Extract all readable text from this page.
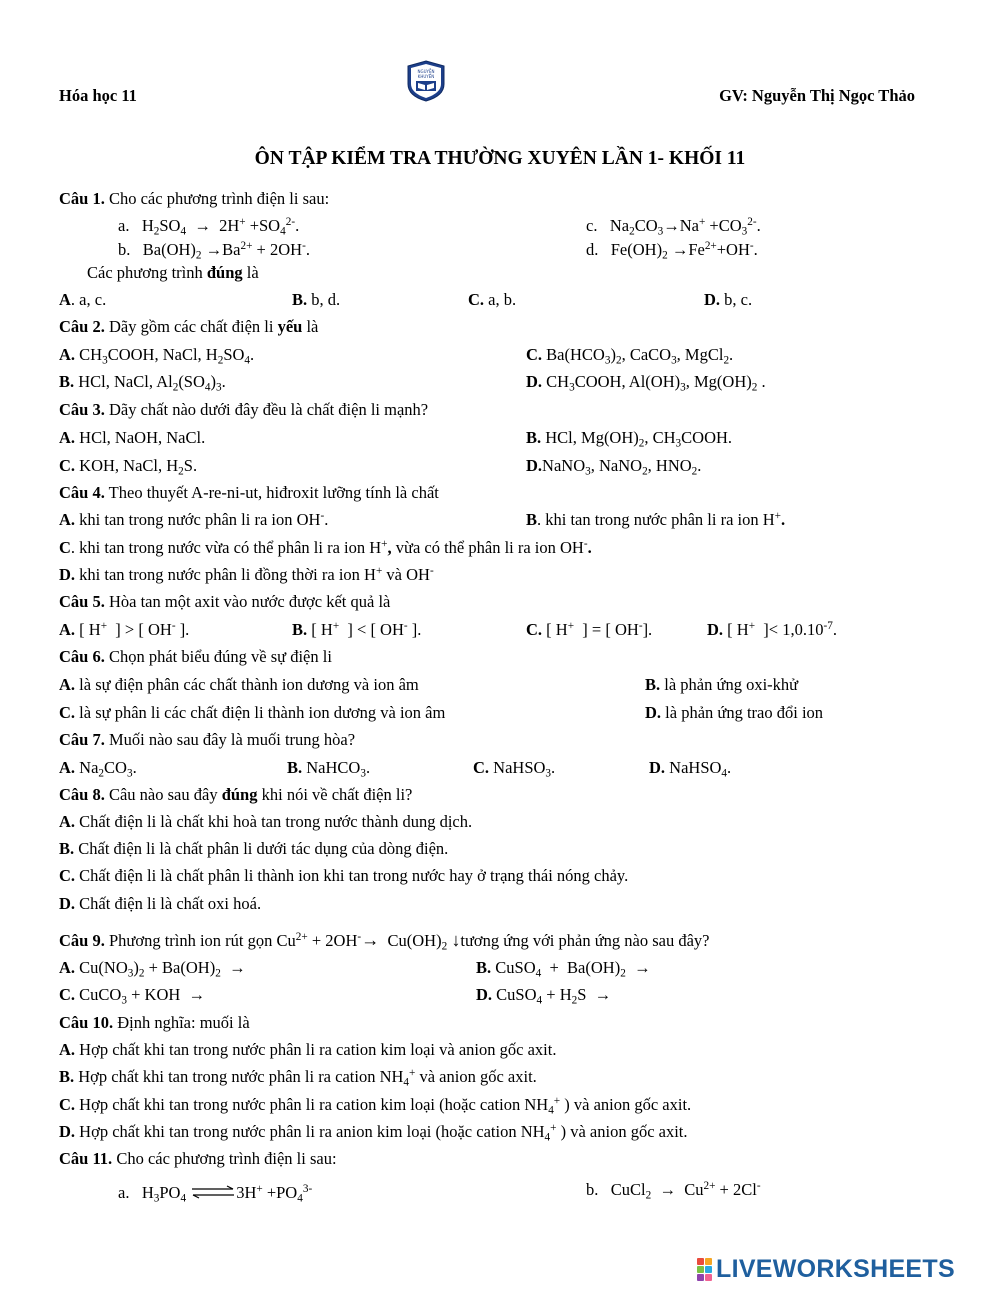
Hóa học 11
NGUYỄN
KHUYẾN
GV: Nguyễn Thị Ngọc Thảo
ÔN TẬP KIỂM TRA THƯỜNG XUYÊN LẦN 1- KHỐI 11
Câu 1. Cho các phương trình điện li sau:
a.   $H_2SO_4 \to 2H^+ +SO_4^{2-}$.	c.   $Na_2CO_3\to Na^+ +CO_3^{2-}$.
b.   $Ba(OH)_2 \to Ba^{2+} + 2OH^-$.	d.   $Fe(OH)_2 \to Fe^{2+}+OH^-$.
Các phương trình đúng là
A. a, c.	B. b, d.	C. a, b.	D. b, c.
Câu 2. Dãy gồm các chất điện li yếu là
A. $CH_3COOH$, NaCl, $H_2SO_4$.	C. $Ba(HCO_3)_2$, CaCO$_3$, MgCl$_2$.
B. HCl, NaCl, $Al_2(SO_4)_3$.	D. $CH_3COOH$, $Al(OH)_3$, $Mg(OH)_2$ .
Câu 3. Dãy chất nào dưới đây đều là chất điện li mạnh?
A. HCl, NaOH, NaCl.	B. HCl, $Mg(OH)_2$, $CH_3COOH$.
C. KOH, NaCl, $H_2S$.	D.NaNO$_3$, NaNO$_2$, $HNO_2$.
Câu 4. Theo thuyết A-re-ni-ut, hiđroxit lưỡng tính là chất
A. khi tan trong nước phân li ra ion OH-.	B. khi tan trong nước phân li ra ion H+.
C. khi tan trong nước vừa có thể phân li ra ion H+, vừa có thể phân li ra ion OH-.
D. khi tan trong nước phân li đồng thời ra ion H+ và OH-
Câu 5. Hòa tan một axit vào nước được kết quả là
A. [ H+  ] > [ OH- ].	B. [ H+  ] < [ OH- ].	C. [ H+  ] = [ OH-].	D. [ H+  ]< $1,0.10^{-7}$.
Câu 6. Chọn phát biểu đúng về sự điện li
A. là sự điện phân các chất thành ion dương và ion âm	B. là phản ứng oxi-khử
C. là sự phân li các chất điện li thành ion dương và ion âm	D. là phản ứng trao đổi ion
Câu 7. Muối nào sau đây là muối trung hòa?
A. $Na_2CO_3$.	B. NaHCO$_3$.	C. NaHSO$_3$.	D. NaHSO$_4$.
Câu 8. Câu nào sau đây đúng khi nói về chất điện li?
A. Chất điện li là chất khi hoà tan trong nước thành dung dịch.
B. Chất điện li là chất phân li dưới tác dụng của dòng điện.
C. Chất điện li là chất phân li thành ion khi tan trong nước hay ở trạng thái nóng chảy.
D. Chất điện li là chất oxi hoá.
Câu 9. Phương trình ion rút gọn $Cu^{2+} + 2OH^-\to Cu(OH)_2$ ↓tương ứng với phản ứng nào sau đây?
A. $Cu(NO_3)_2 + Ba(OH)_2$  →	B. CuSO$_4$  +  $Ba(OH)_2$  →
C. CuCO$_3$ + KOH  →	D. CuSO$_4$ + $H_2S$  →
Câu 10. Định nghĩa: muối là
A. Hợp chất khi tan trong nước phân li ra cation kim loại và anion gốc axit.
B. Hợp chất khi tan trong nước phân li ra cation $NH_4^+$ và anion gốc axit.
C. Hợp chất khi tan trong nước phân li ra cation kim loại (hoặc cation $NH_4^+$ ) và anion gốc axit.
D. Hợp chất khi tan trong nước phân li ra anion kim loại (hoặc cation $NH_4^+$ ) và anion gốc axit.
Câu 11. Cho các phương trình điện li sau:
a.   $H_3PO_4$ ⇌3H+ $+PO_4^{3-}$	b.   CuCl$_2$  →  $Cu^{2+} + 2Cl^-$
LIVEWORKSHEETS
